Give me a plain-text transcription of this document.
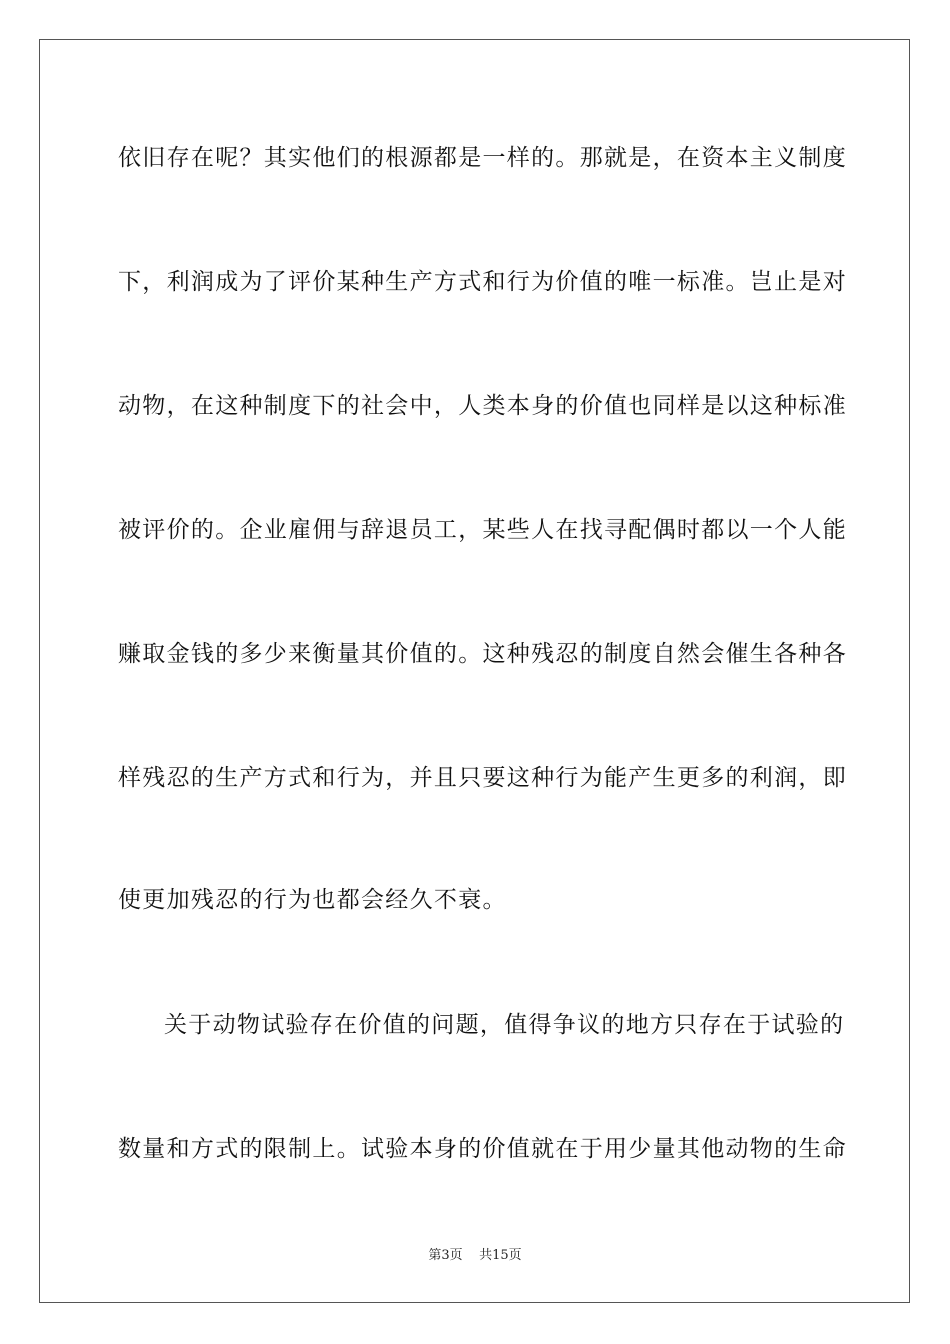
依旧存在呢？其实他们的根源都是一样的。那就是，在资本主义制度
下，利润成为了评价某种生产方式和行为价值的唯一标准。岂止是对
动物，在这种制度下的社会中，人类本身的价值也同样是以这种标准
被评价的。企业雇佣与辞退员工，某些人在找寻配偶时都以一个人能
赚取金钱的多少来衡量其价值的。这种残忍的制度自然会催生各种各
样残忍的生产方式和行为，并且只要这种行为能产生更多的利润，即
使更加残忍的行为也都会经久不衰。
关于动物试验存在价值的问题，值得争议的地方只存在于试验的
数量和方式的限制上。试验本身的价值就在于用少量其他动物的生命
第3页 共15页
